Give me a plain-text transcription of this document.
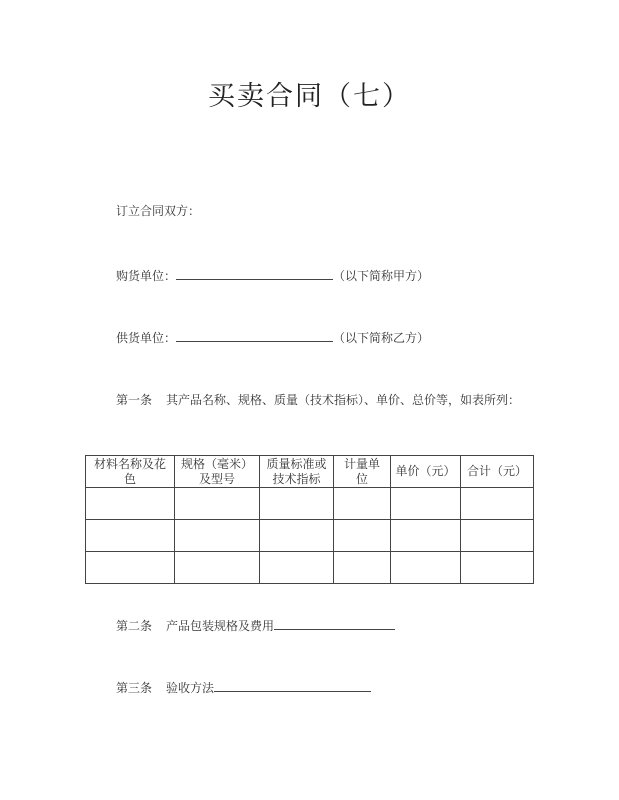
买卖合同（七）
订立合同双方：
购货单位：	（以下简称甲方）
供货单位：	（以下简称乙方）
第一条 其产品名称、规格、质量（技术指标）、单价、总价等，如表所列：
材料名称及花色	规格（毫米）及型号	质量标准或技术指标	计量单位	单价（元）	合计（元）

第二条 产品包装规格及费用
第三条 验收方法
